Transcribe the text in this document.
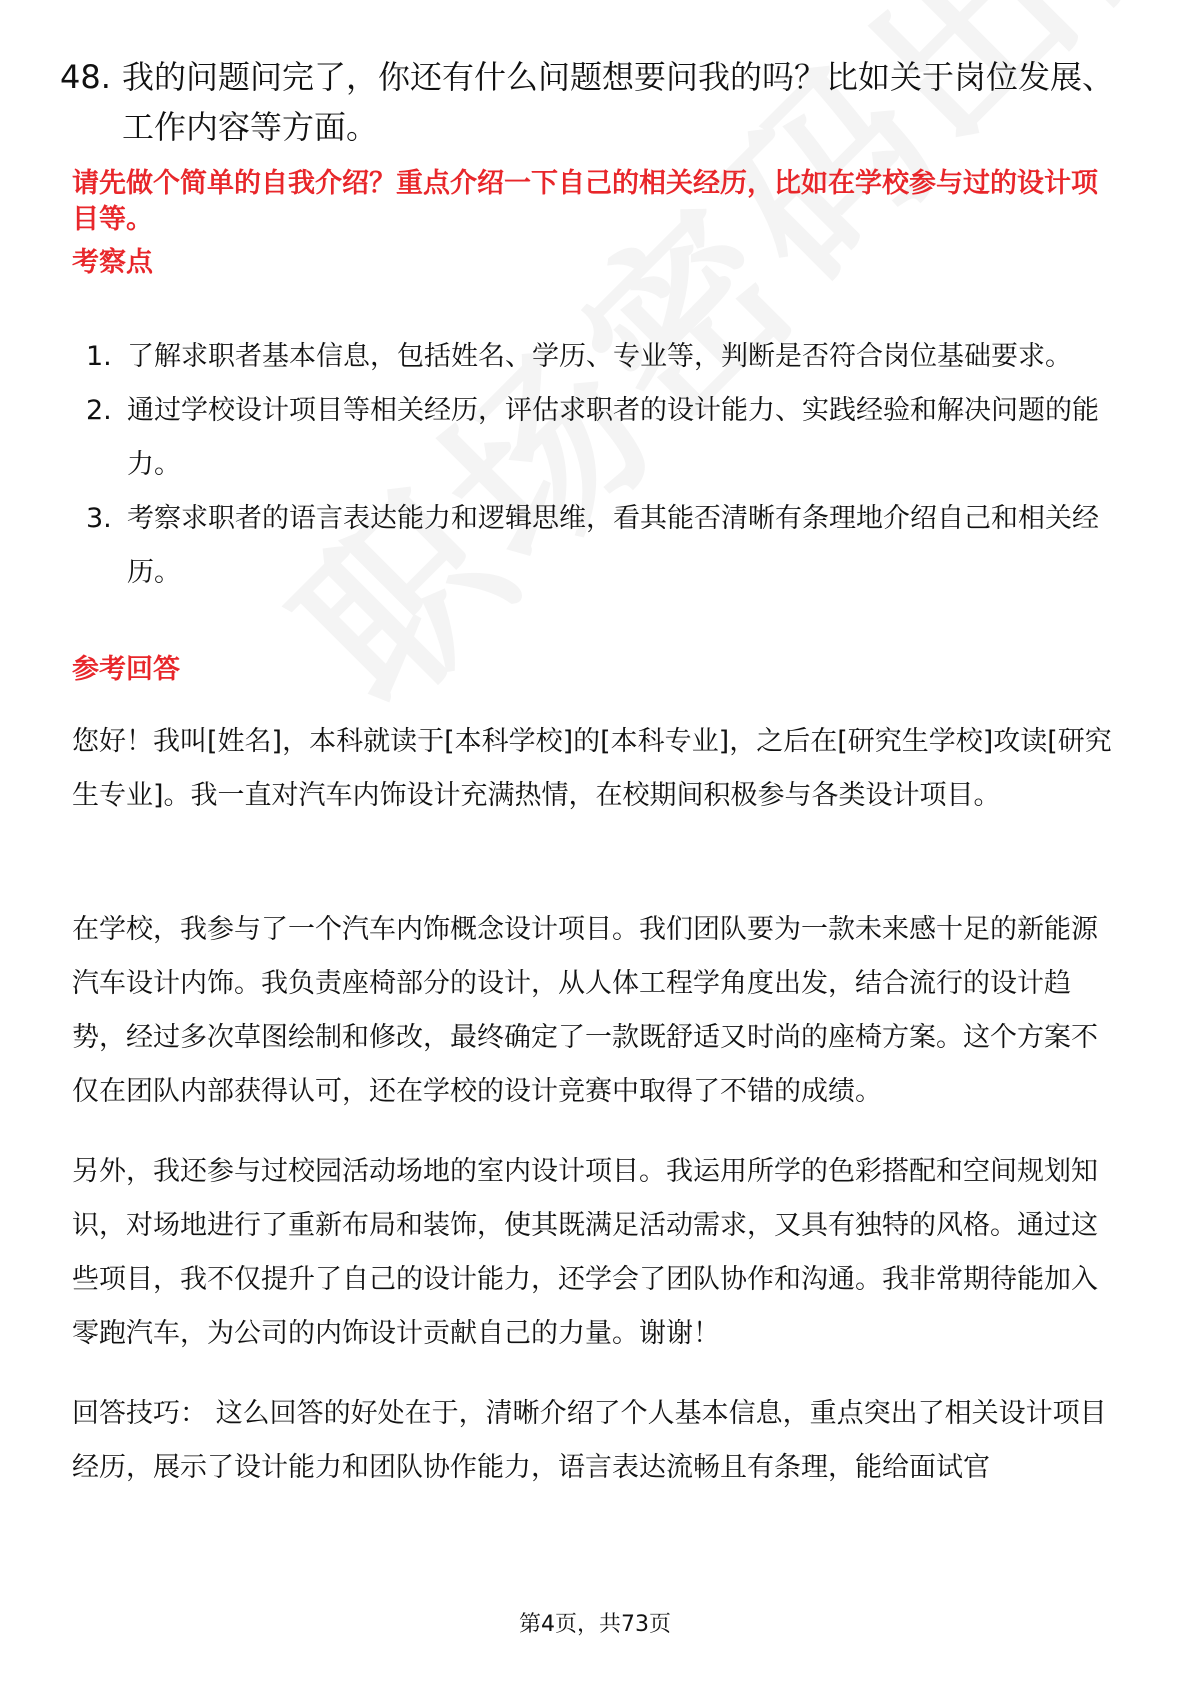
48. 我的问题问完了，你还有什么问题想要问我的吗？比如关于岗位发展、工作内容等方面。
请先做个简单的自我介绍？重点介绍一下自己的相关经历，比如在学校参与过的设计项目等。
考察点
1. 了解求职者基本信息，包括姓名、学历、专业等，判断是否符合岗位基础要求。
2. 通过学校设计项目等相关经历，评估求职者的设计能力、实践经验和解决问题的能力。
3. 考察求职者的语言表达能力和逻辑思维，看其能否清晰有条理地介绍自己和相关经历。
参考回答

您好！我叫[姓名]，本科就读于[本科学校]的[本科专业]，之后在[研究生学校]攻读[研究生专业]。我一直对汽车内饰设计充满热情，在校期间积极参与各类设计项目。

在学校，我参与了一个汽车内饰概念设计项目。我们团队要为一款未来感十足的新能源汽车设计内饰。我负责座椅部分的设计，从人体工程学角度出发，结合流行的设计趋势，经过多次草图绘制和修改，最终确定了一款既舒适又时尚的座椅方案。这个方案不仅在团队内部获得认可，还在学校的设计竞赛中取得了不错的成绩。

另外，我还参与过校园活动场地的室内设计项目。我运用所学的色彩搭配和空间规划知识，对场地进行了重新布局和装饰，使其既满足活动需求，又具有独特的风格。通过这些项目，我不仅提升了自己的设计能力，还学会了团队协作和沟通。我非常期待能加入零跑汽车，为公司的内饰设计贡献自己的力量。谢谢！

回答技巧： 这么回答的好处在于，清晰介绍了个人基本信息，重点突出了相关设计项目经历，展示了设计能力和团队协作能力，语言表达流畅且有条理，能给面试官

第4页，共73页
